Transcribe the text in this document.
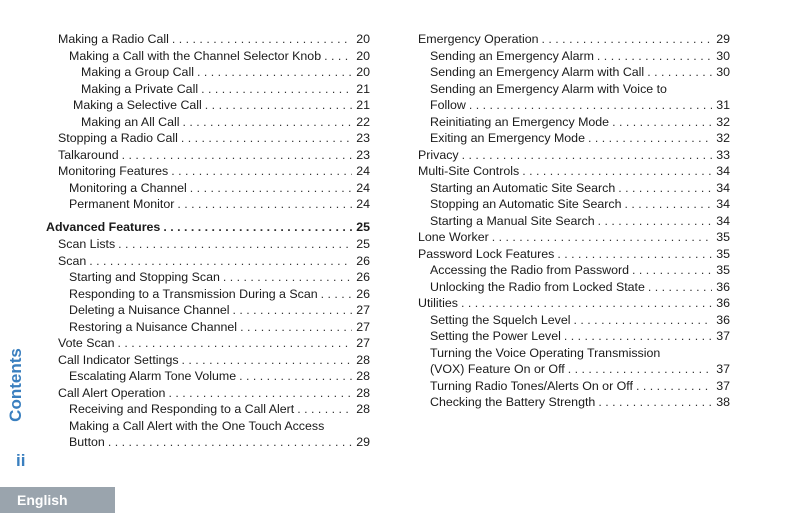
Making a Radio Call . . .	20
Making a Call with the Channel Selector Knob . . .	20
Making a Group Call . . .	20
Making a Private Call . . .	21
Making a Selective Call . . .	21
Making an All Call . . .	22
Stopping a Radio Call . . .	23
Talkaround . . .	23
Monitoring Features . . .	24
Monitoring a Channel . . .	24
Permanent Monitor . . .	24
Advanced Features . . .	25
Scan Lists . . .	25
Scan . . .	26
Starting and Stopping Scan . . .	26
Responding to a Transmission During a Scan . . .	26
Deleting a Nuisance Channel . . .	27
Restoring a Nuisance Channel . . .	27
Vote Scan . . .	27
Call Indicator Settings . . .	28
Escalating Alarm Tone Volume . . .	28
Call Alert Operation . . .	28
Receiving and Responding to a Call Alert . . .	28
Making a Call Alert with the One Touch Access
Button . . .	29
Emergency Operation . . .	29
Sending an Emergency Alarm . . .	30
Sending an Emergency Alarm with Call . . .	30
Sending an Emergency Alarm with Voice to
Follow . . .	31
Reinitiating an Emergency Mode . . .	32
Exiting an Emergency Mode . . .	32
Privacy . . .	33
Multi-Site Controls . . .	34
Starting an Automatic Site Search . . .	34
Stopping an Automatic Site Search . . .	34
Starting a Manual Site Search . . .	34
Lone Worker . . .	35
Password Lock Features . . .	35
Accessing the Radio from Password . . .	35
Unlocking the Radio from Locked State . . .	36
Utilities . . .	36
Setting the Squelch Level . . .	36
Setting the Power Level . . .	37
Turning the Voice Operating Transmission
(VOX) Feature On or Off . . .	37
Turning Radio Tones/Alerts On or Off . . .	37
Checking the Battery Strength . . .	38
Contents
ii
English
